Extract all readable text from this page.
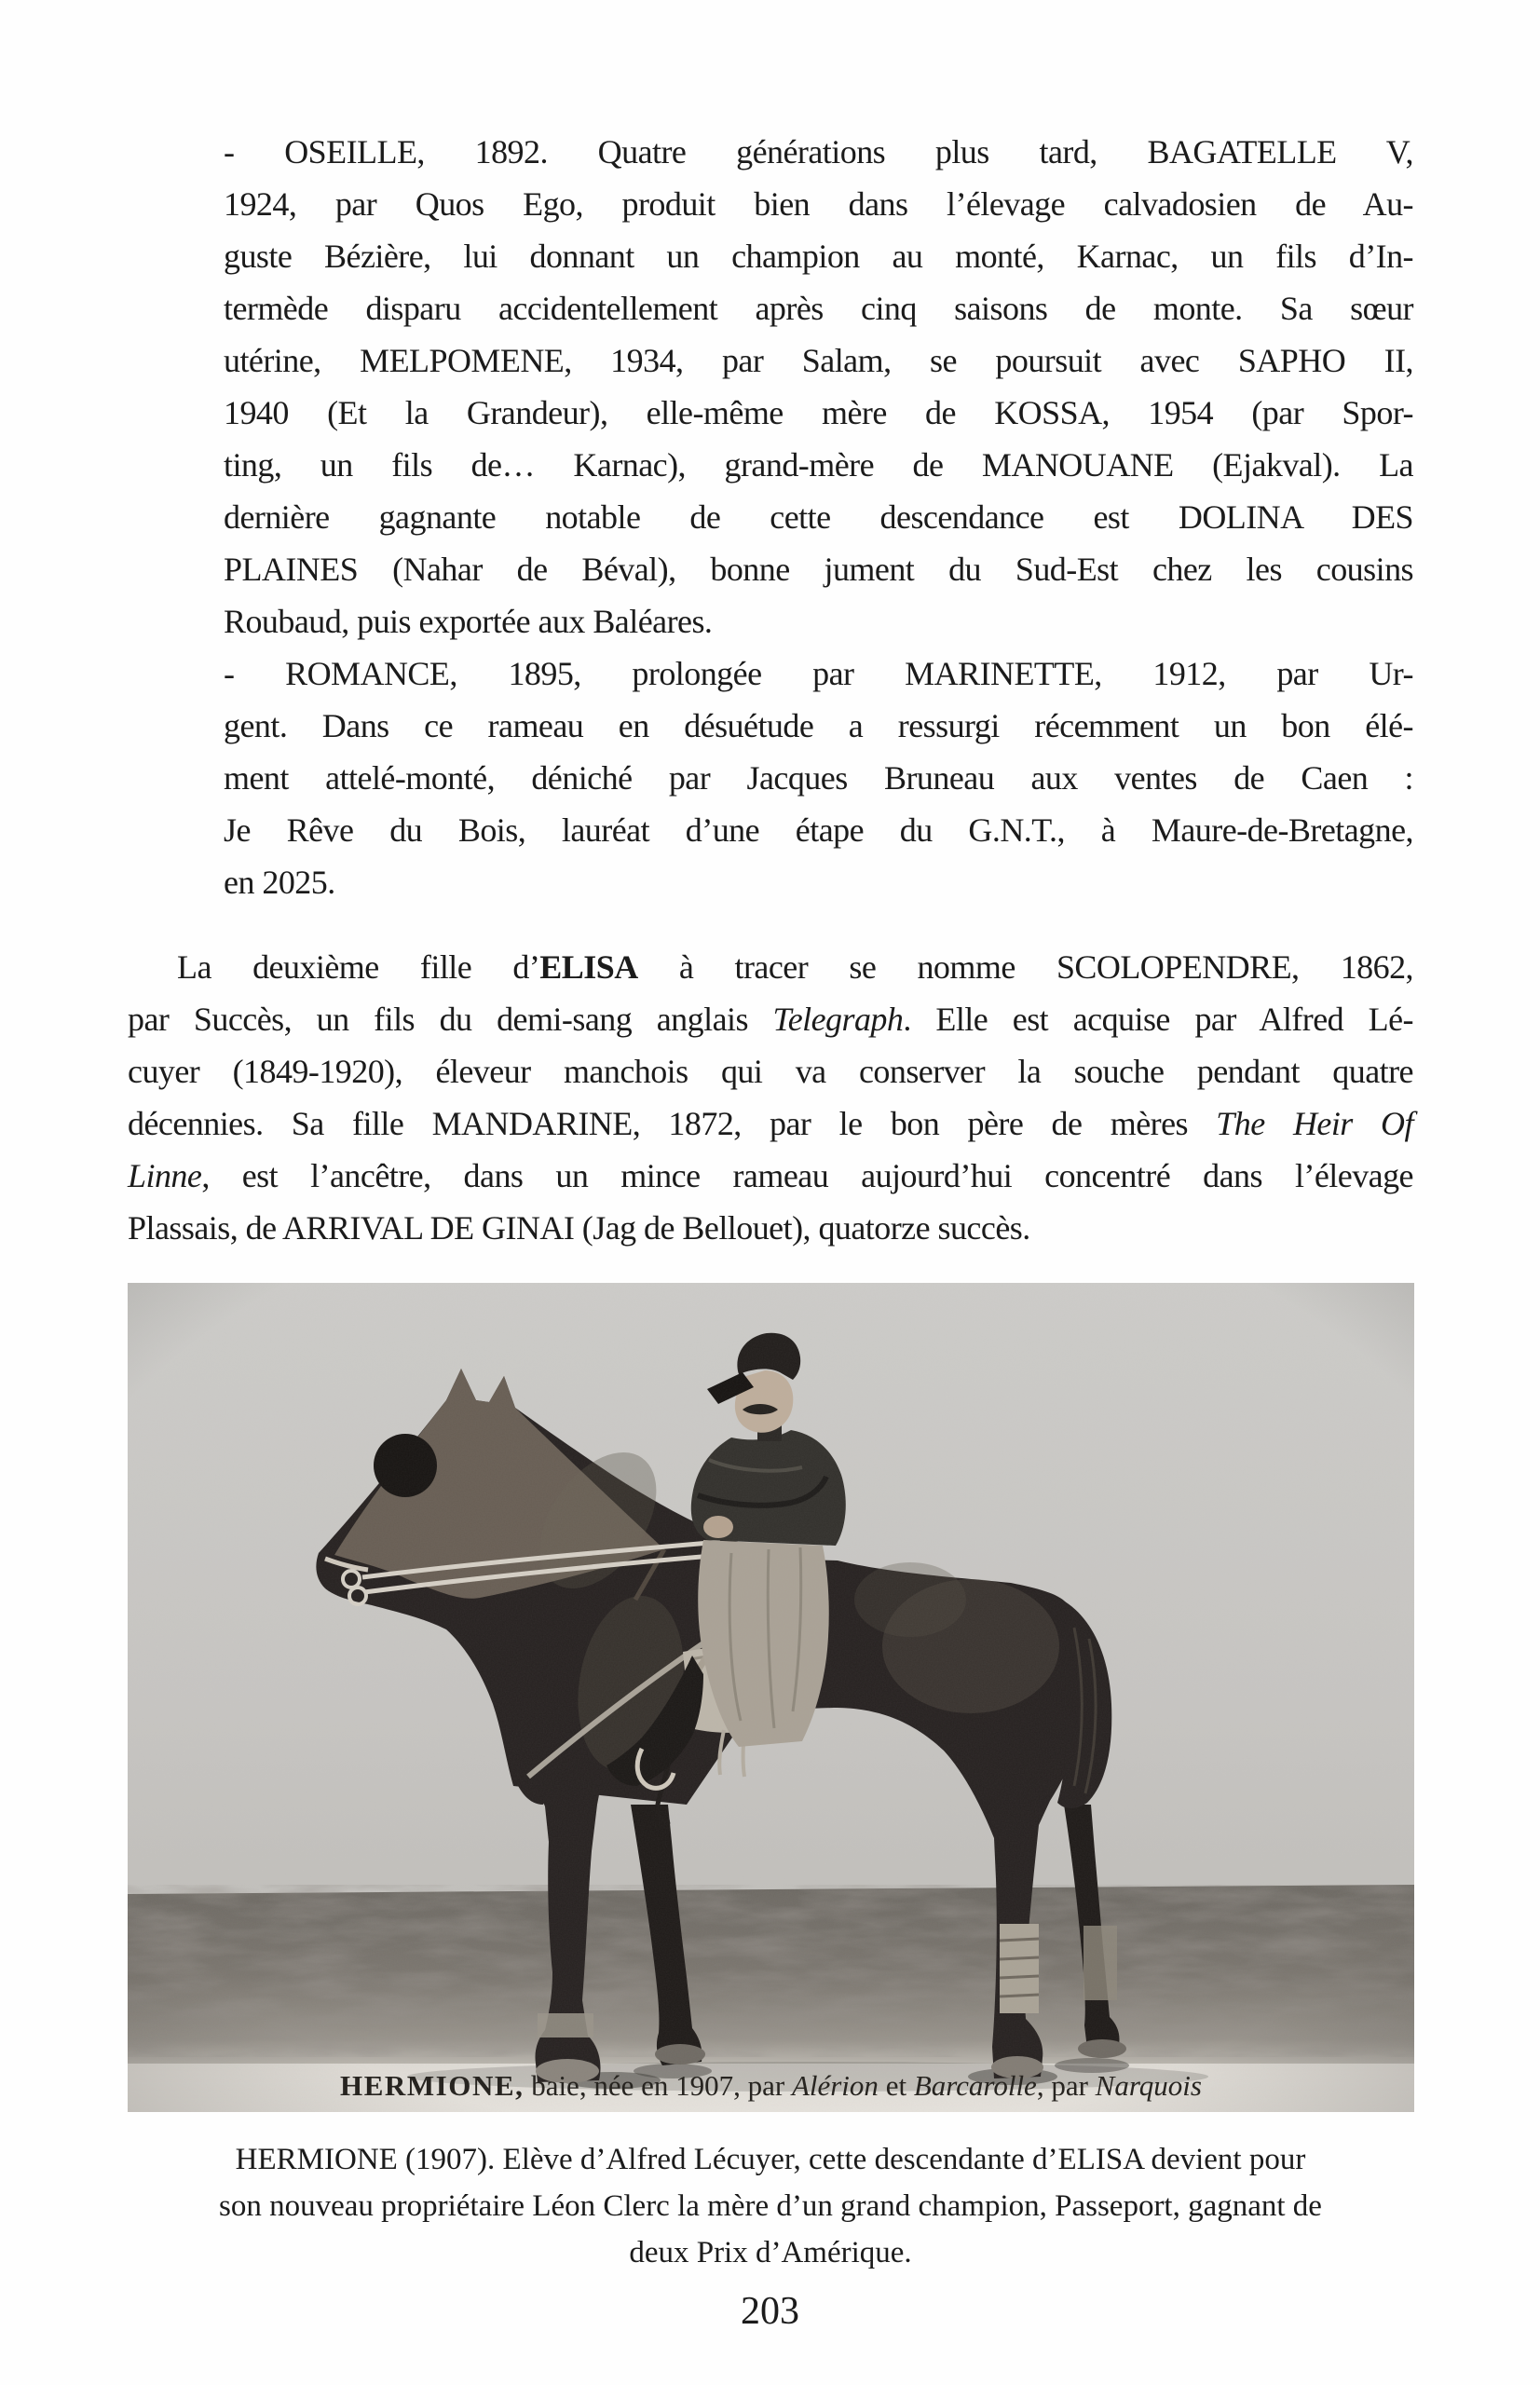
- OSEILLE, 1892. Quatre générations plus tard, BAGATELLE V,
1924, par Quos Ego, produit bien dans l’élevage calvadosien de Au-
guste Bézière, lui donnant un champion au monté, Karnac, un fils d’In-
termède disparu accidentellement après cinq saisons de monte. Sa sœur
utérine, MELPOMENE, 1934, par Salam, se poursuit avec SAPHO II,
1940 (Et la Grandeur), elle-même mère de KOSSA, 1954 (par Spor-
ting, un fils de… Karnac), grand-mère de MANOUANE (Ejakval). La
dernière gagnante notable de cette descendance est DOLINA DES
PLAINES (Nahar de Béval), bonne jument du Sud-Est chez les cousins
Roubaud, puis exportée aux Baléares.
- ROMANCE, 1895, prolongée par MARINETTE, 1912, par Ur-
gent. Dans ce rameau en désuétude a ressurgi récemment un bon élé-
ment attelé-monté, déniché par Jacques Bruneau aux ventes de Caen :
Je Rêve du Bois, lauréat d’une étape du G.N.T., à Maure-de-Bretagne,
en 2025.
La deuxième fille d’ELISA à tracer se nomme SCOLOPENDRE, 1862,
par Succès, un fils du demi-sang anglais Telegraph. Elle est acquise par Alfred Lé-
cuyer (1849-1920), éleveur manchois qui va conserver la souche pendant quatre
décennies. Sa fille MANDARINE, 1872, par le bon père de mères The Heir Of
Linne, est l’ancêtre, dans un mince rameau aujourd’hui concentré dans l’élevage
Plassais, de ARRIVAL DE GINAI (Jag de Bellouet), quatorze succès.
HERMIONE, baie, née en 1907, par Alérion et Barcarolle, par Narquois
HERMIONE (1907). Elève d’Alfred Lécuyer, cette descendante d’ELISA devient pour
son nouveau propriétaire Léon Clerc la mère d’un grand champion, Passeport, gagnant de
deux Prix d’Amérique.
203
